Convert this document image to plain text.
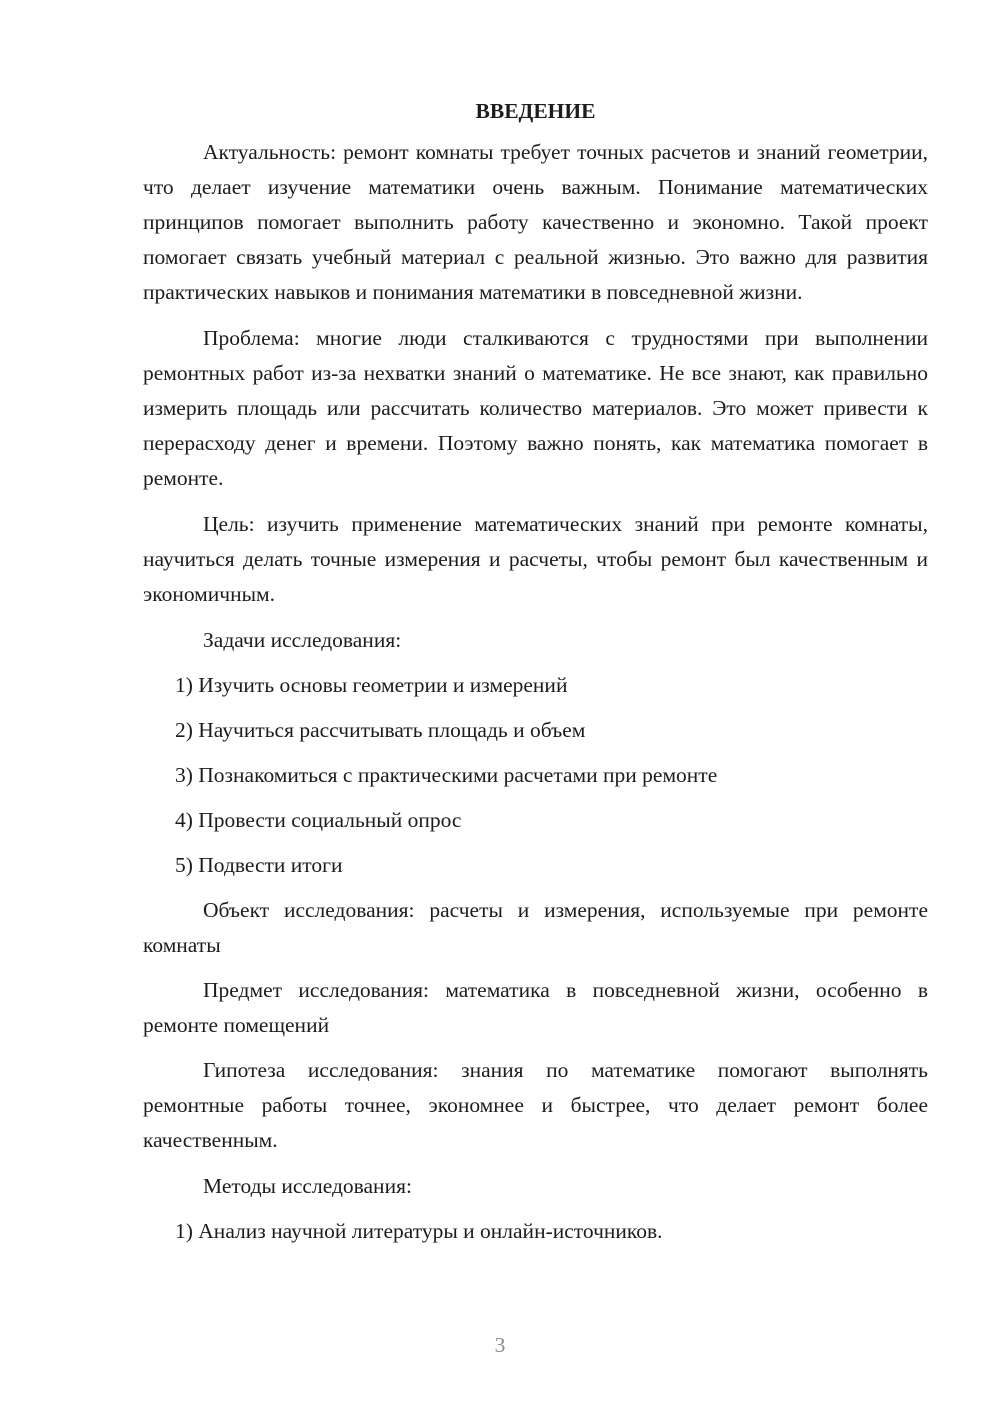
ВВЕДЕНИЕ

Актуальность: ремонт комнаты требует точных расчетов и знаний геометрии, что делает изучение математики очень важным. Понимание математических принципов помогает выполнить работу качественно и экономно. Такой проект помогает связать учебный материал с реальной жизнью. Это важно для развития практических навыков и понимания математики в повседневной жизни.

Проблема: многие люди сталкиваются с трудностями при выполнении ремонтных работ из-за нехватки знаний о математике. Не все знают, как правильно измерить площадь или рассчитать количество материалов. Это может привести к перерасходу денег и времени. Поэтому важно понять, как математика помогает в ремонте.

Цель: изучить применение математических знаний при ремонте комнаты, научиться делать точные измерения и расчеты, чтобы ремонт был качественным и экономичным.

Задачи исследования:
1) Изучить основы геометрии и измерений
2) Научиться рассчитывать площадь и объем
3) Познакомиться с практическими расчетами при ремонте
4) Провести социальный опрос
5) Подвести итоги

Объект исследования: расчеты и измерения, используемые при ремонте комнаты

Предмет исследования: математика в повседневной жизни, особенно в ремонте помещений

Гипотеза исследования: знания по математике помогают выполнять ремонтные работы точнее, экономнее и быстрее, что делает ремонт более качественным.

Методы исследования:
1) Анализ научной литературы и онлайн-источников.
3
